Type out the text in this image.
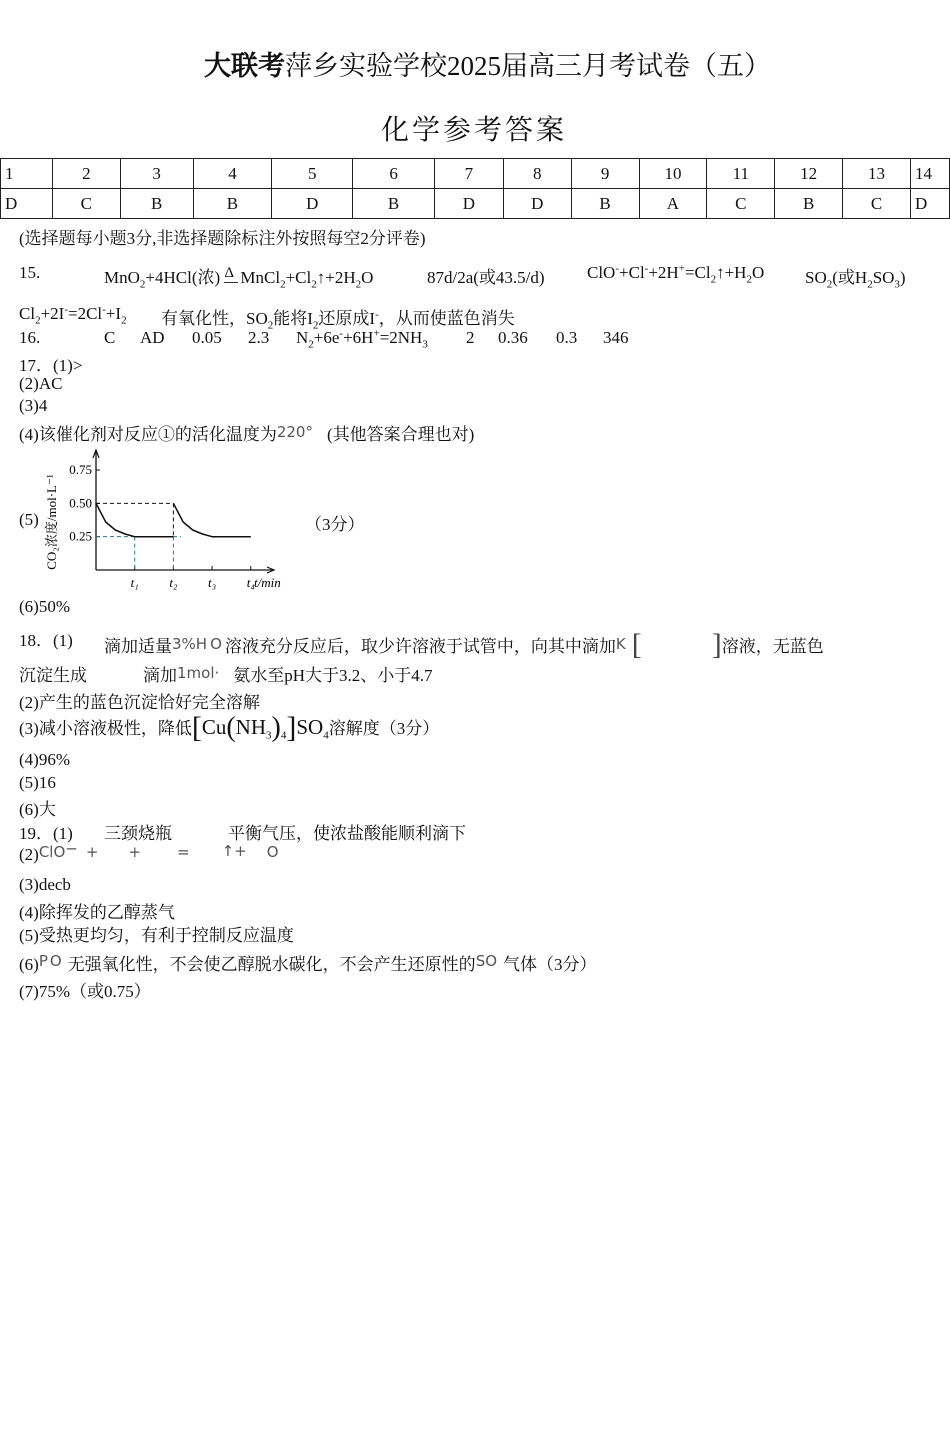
大联考萍乡实验学校2025届高三月考试卷（五）
化学参考答案
1	2	3	4	5	6	7	8	9	10	11	12	13	14
D	C	B	B	D	B	D	D	B	A	C	B	C	D
(选择题每小题3分,非选择题除标注外按照每空2分评卷)
15.	MnO$_2$+4HCl(浓) Δ $MnCl_2+Cl_2↑+2H_2O$	87d/2a(或43.5/d) $ClO^-+Cl^-+2H^+=Cl_2↑+H_2O$ $SO_2$(或$H_2SO_3$)
$Cl_2+2I^-=2Cl^-+I_2$ 有氧化性，$SO_2$能将$I_2$还原成I-，从而使蓝色消失
16.	C AD 0.05 2.3 $N_2+6e^-+6H^+=2NH_3$ 2 0.36 0.3 346
17．(1)>
(2)AC
(3)4
(4)该催化剂对反应①的活化温度为220° (其他答案合理也对)
(5)	（3分）
0.75
0.50
0.25
t₁ t₂ t₃ t₄ t/min
CO₂浓度/mol·L⁻¹
(6)50%
18．(1) 滴加适量3%H O 溶液充分反应后，取少许溶液于试管中，向其中滴加K [ ]溶液，无蓝色
沉淀生成	滴加1mol· 氨水至pH大于3.2、小于4.7
(2)产生的蓝色沉淀恰好完全溶解
(3)减小溶液极性，降低$[Cu(NH_3)_4]SO_4$溶解度（3分）
(4)96%
(5)16
(6)大
19．(1) 三颈烧瓶	平衡气压，使浓盐酸能顺利滴下
(2)ClO− + + = ↑+ O
(3)decb
(4)除挥发的乙醇蒸气
(5)受热更均匀，有利于控制反应温度
(6)P O 无强氧化性，不会使乙醇脱水碳化，不会产生还原性的SO 气体（3分）
(7)75%（或0.75）
